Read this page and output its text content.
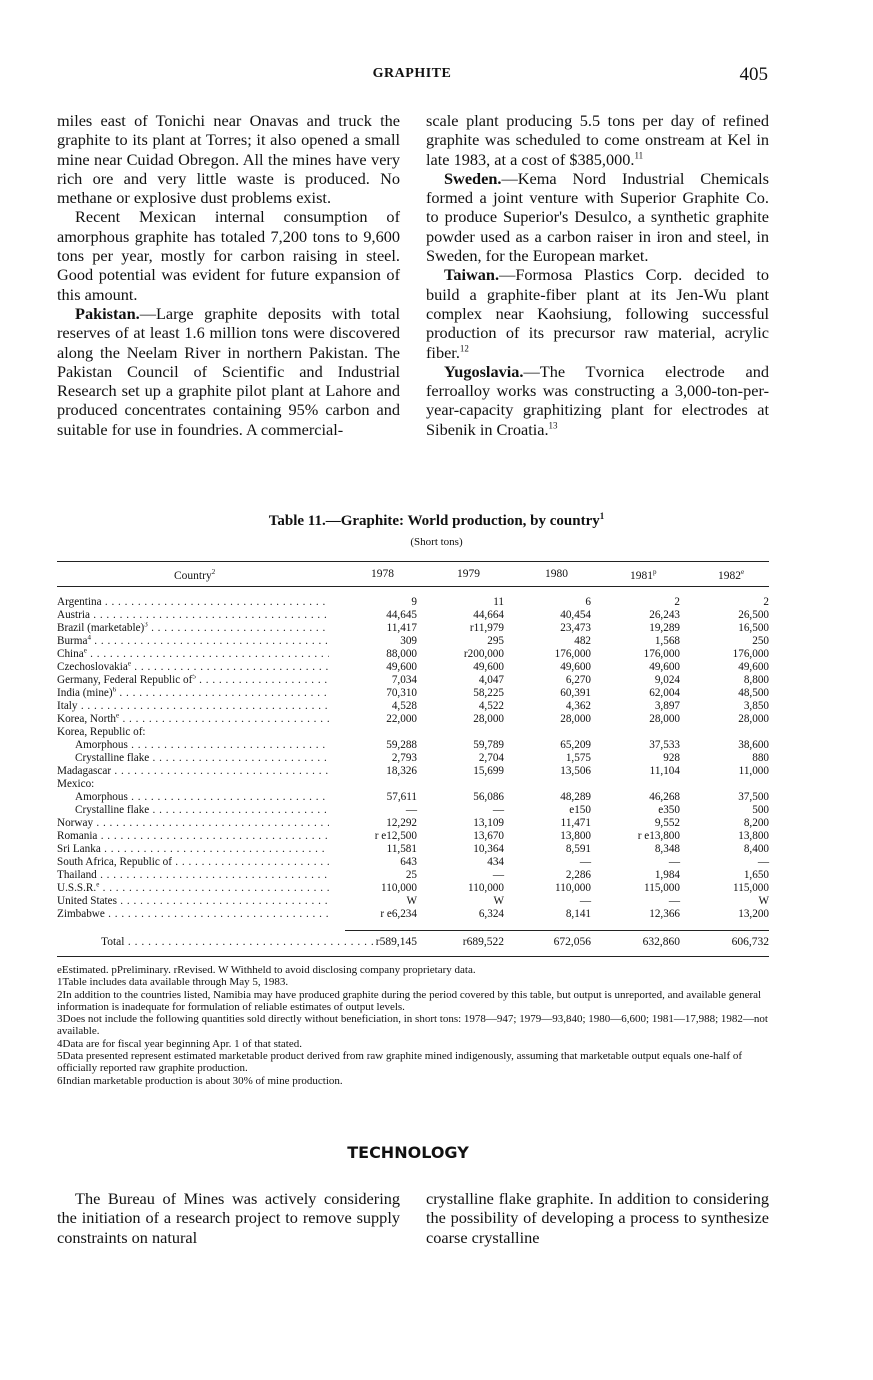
GRAPHITE	405

miles east of Tonichi near Onavas and truck the graphite to its plant at Torres; it also opened a small mine near Cuidad Obregon. All the mines have very rich ore and very little waste is produced. No methane or explosive dust problems exist.

Recent Mexican internal consumption of amorphous graphite has totaled 7,200 tons to 9,600 tons per year, mostly for carbon raising in steel. Good potential was evident for future expansion of this amount.

Pakistan.—Large graphite deposits with total reserves of at least 1.6 million tons were discovered along the Neelam River in northern Pakistan. The Pakistan Council of Scientific and Industrial Research set up a graphite pilot plant at Lahore and produced concentrates containing 95% carbon and suitable for use in foundries. A commercial-

scale plant producing 5.5 tons per day of refined graphite was scheduled to come onstream at Kel in late 1983, at a cost of $385,000.11

Sweden.—Kema Nord Industrial Chemicals formed a joint venture with Superior Graphite Co. to produce Superior's Desulco, a synthetic graphite powder used as a carbon raiser in iron and steel, in Sweden, for the European market.

Taiwan.—Formosa Plastics Corp. decided to build a graphite-fiber plant at its Jen-Wu plant complex near Kaohsiung, following successful production of its precursor raw material, acrylic fiber.$^{12}$

Yugoslavia.—The Tvornica electrode and ferroalloy works was constructing a 3,000-ton-per-year-capacity graphitizing plant for electrodes at Sibenik in Croatia.$^{13}$

Table 11.—Graphite: World production, by country$^1$
(Short tons)
Country$^2$	1978	1979	1980	1981$^p$	1982e
Argentina . . .	9	11	6	2	2
Austria . . .	44,645	44,664	40,454	26,243	26,500
Brazil (marketable)$^3$ . . .	11,417	r11,979	23,473	19,289	16,500
Burma$^4$ . . .	309	295	482	1,568	250
China$^e$ . . .	88,000	r200,000	176,000	176,000	176,000
Czechoslovakia$^e$ . . .	49,600	49,600	49,600	49,600	49,600
Germany, Federal Republic $of^5$ . . .	7,034	4,047	6,270	9,024	8,800
India $(\min e)^6$ . . .	70,310	58,225	60,391	62,004	48,500
Italy . . .	4,528	4,522	4,362	3,897	3,850
Korea, North$^e$ . . .	22,000	28,000	28,000	28,000	28,000
Korea, Republic of:
Amorphous . . .	59,288	59,789	65,209	37,533	38,600
Crystalline flake . . .	2,793	2,704	1,575	928	880
Madagascar . . .	18,326	15,699	13,506	11,104	11,000
Mexico:
Amorphous . . .	57,611	56,086	48,289	46,268	37,500
Crystalline flake . . .	—	—	e150	e350	500
Norway . . .	12,292	13,109	11,471	9,552	8,200
Romania . . .	r e12,500	13,670	13,800	r e13,800	13,800
Sri Lanka . . .	11,581	10,364	8,591	8,348	8,400
South Africa, Republic of . . .	643	434	—	—	—
Thailand . . .	25	—	2,286	1,984	1,650
U.S.S.R.$^e$ . . .	110,000	110,000	110,000	115,000	115,000
United States . . .	W	W	—	—	W
Zimbabwe . . .	r e6,234	6,324	8,141	12,366	13,200
Total . . .	r589,145	r689,522	672,056	632,860	606,732

eEstimated. pPreliminary. rRevised. W Withheld to avoid disclosing company proprietary data.

1Table includes data available through May 5, 1983.

2In addition to the countries listed, Namibia may have produced graphite during the period covered by this table, but output is unreported, and available general information is inadequate for formulation of reliable estimates of output levels.

3Does not include the following quantities sold directly without beneficiation, in short tons: 1978—947; 1979—93,840; 1980—6,600; 1981—17,988; 1982—not available.

4Data are for fiscal year beginning Apr. 1 of that stated.

5Data presented represent estimated marketable product derived from raw graphite mined indigenously, assuming that marketable output equals one-half of officially reported raw graphite production.

6Indian marketable production is about 30% of mine production.

TECHNOLOGY

The Bureau of Mines was actively considering the initiation of a research project to remove supply constraints on natural

crystalline flake graphite. In addition to considering the possibility of developing a process to synthesize coarse crystalline
